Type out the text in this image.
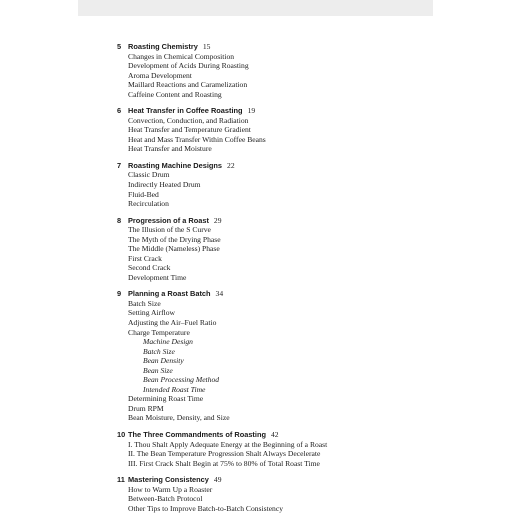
5 Roasting Chemistry 15
Changes in Chemical Composition
Development of Acids During Roasting
Aroma Development
Maillard Reactions and Caramelization
Caffeine Content and Roasting
6 Heat Transfer in Coffee Roasting 19
Convection, Conduction, and Radiation
Heat Transfer and Temperature Gradient
Heat and Mass Transfer Within Coffee Beans
Heat Transfer and Moisture
7 Roasting Machine Designs 22
Classic Drum
Indirectly Heated Drum
Fluid-Bed
Recirculation
8 Progression of a Roast 29
The Illusion of the S Curve
The Myth of the Drying Phase
The Middle (Nameless) Phase
First Crack
Second Crack
Development Time
9 Planning a Roast Batch 34
Batch Size
Setting Airflow
Adjusting the Air–Fuel Ratio
Charge Temperature
Machine Design
Batch Size
Bean Density
Bean Size
Bean Processing Method
Intended Roast Time
Determining Roast Time
Drum RPM
Bean Moisture, Density, and Size
10 The Three Commandments of Roasting 42
I. Thou Shalt Apply Adequate Energy at the Beginning of a Roast
II. The Bean Temperature Progression Shalt Always Decelerate
III. First Crack Shalt Begin at 75% to 80% of Total Roast Time
11 Mastering Consistency 49
How to Warm Up a Roaster
Between-Batch Protocol
Other Tips to Improve Batch-to-Batch Consistency
